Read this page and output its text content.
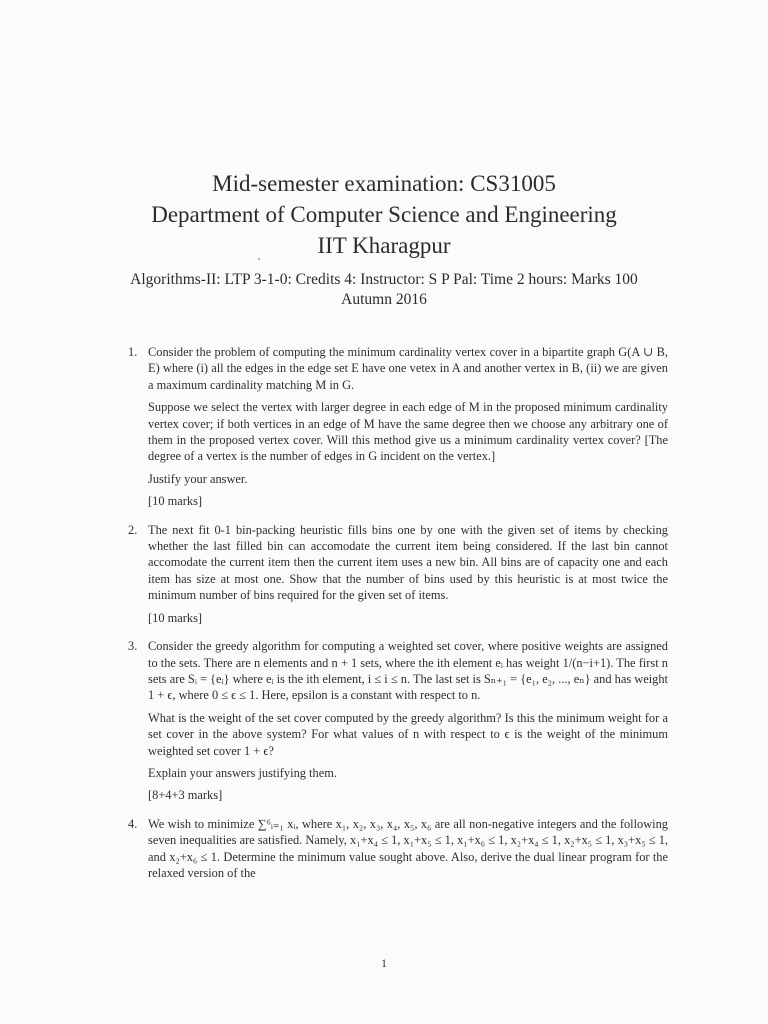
Mid-semester examination: CS31005
Department of Computer Science and Engineering
IIT Kharagpur
Algorithms-II: LTP 3-1-0: Credits 4: Instructor: S P Pal: Time 2 hours: Marks 100
Autumn 2016
1. Consider the problem of computing the minimum cardinality vertex cover in a bipartite graph G(A ∪ B, E) where (i) all the edges in the edge set E have one vetex in A and another vertex in B, (ii) we are given a maximum cardinality matching M in G.

Suppose we select the vertex with larger degree in each edge of M in the proposed minimum cardinality vertex cover; if both vertices in an edge of M have the same degree then we choose any arbitrary one of them in the proposed vertex cover. Will this method give us a minimum cardinality vertex cover? [The degree of a vertex is the number of edges in G incident on the vertex.]

Justify your answer.

[10 marks]

2. The next fit 0-1 bin-packing heuristic fills bins one by one with the given set of items by checking whether the last filled bin can accomodate the current item being considered. If the last bin cannot accomodate the current item then the current item uses a new bin. All bins are of capacity one and each item has size at most one. Show that the number of bins used by this heuristic is at most twice the minimum number of bins required for the given set of items.

[10 marks]

3. Consider the greedy algorithm for computing a weighted set cover, where positive weights are assigned to the sets. There are n elements and n + 1 sets, where the ith element eᵢ has weight 1/(n−i+1). The first n sets are Sᵢ = {eᵢ} where eᵢ is the ith element, i ≤ i ≤ n. The last set is Sₙ₊₁ = {e₁, e₂, ..., eₙ} and has weight 1 + ϵ, where 0 ≤ ϵ ≤ 1. Here, epsilon is a constant with respect to n.

What is the weight of the set cover computed by the greedy algorithm? Is this the minimum weight for a set cover in the above system? For what values of n with respect to ϵ is the weight of the minimum weighted set cover 1 + ϵ?

Explain your answers justifying them.

[8+4+3 marks]

4. We wish to minimize ∑⁶ᵢ₌₁ xᵢ, where x₁, x₂, x₃, x₄, x₅, x₆ are all non-negative integers and the following seven inequalities are satisfied. Namely, x₁+x₄ ≤ 1, x₁+x₅ ≤ 1, x₁+x₆ ≤ 1, x₂+x₄ ≤ 1, x₂+x₅ ≤ 1, x₃+x₅ ≤ 1, and x₂+x₆ ≤ 1. Determine the minimum value sought above. Also, derive the dual linear program for the relaxed version of the

1
